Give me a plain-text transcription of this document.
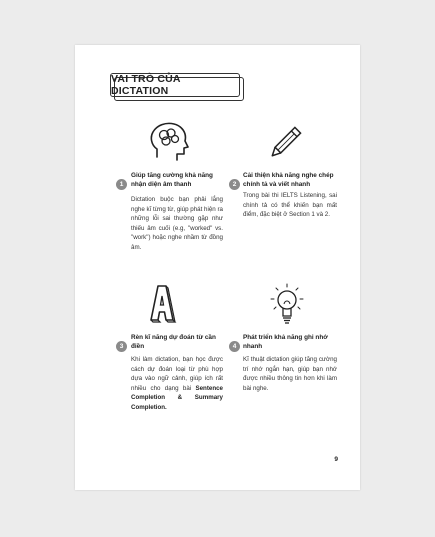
VAI TRÒ CỦA DICTATION
1
Giúp tăng cường khả năng nhận diện âm thanh
Dictation buộc bạn phải lắng nghe kĩ từng từ, giúp phát hiện ra những lỗi sai thường gặp như thiếu âm cuối (e.g, "worked" vs. "work") hoặc nghe nhầm từ đồng âm.
2
Cải thiện khả năng nghe chép chính tả và viết nhanh
Trong bài thi IELTS Listening, sai chính tả có thể khiến bạn mất điểm, đặc biệt ở Section 1 và 2.
3
Rèn kĩ năng dự đoán từ cần điền
Khi làm dictation, bạn học được cách dự đoán loại từ phù hợp dựa vào ngữ cảnh, giúp ích rất nhiều cho dạng bài Sentence Completion & Summary Completion.
4
Phát triển khả năng ghi nhớ nhanh
Kĩ thuật dictation giúp tăng cường trí nhớ ngắn hạn, giúp bạn nhớ được nhiều thông tin hơn khi làm bài nghe.
9
